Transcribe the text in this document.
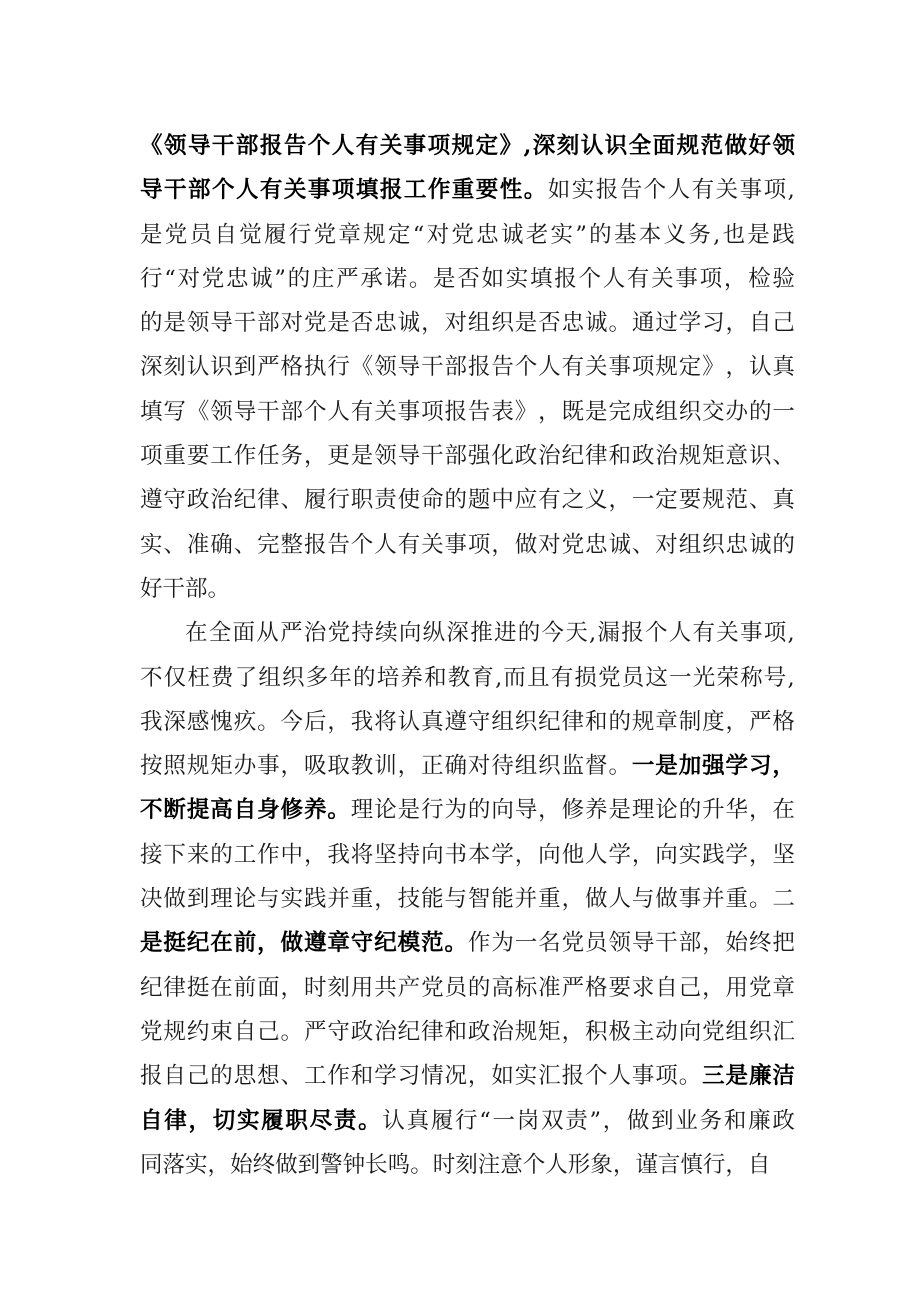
《 领 导 干 部 报 告 个 人 有 关 事 项 规 定 》 , 深 刻 认 识 全 面 规 范 做 好 领
导 干 部 个 人 有 关 事 项 填 报 工 作 重 要 性 。 如 实 报 告 个 人 有 关 事 项 ,
是 党 员 自 觉 履 行 党 章 规 定 “ 对 党 忠 诚 老 实 ” 的 基 本 义 务 , 也 是 践
行 “ 对 党 忠 诚 ” 的 庄 严 承 诺 。 是 否 如 实 填 报 个 人 有 关 事 项 ， 检 验
的 是 领 导 干 部 对 党 是 否 忠 诚 ， 对 组 织 是 否 忠 诚 。 通 过 学 习 ， 自 己
深 刻 认 识 到 严 格 执 行 《 领 导 干 部 报 告 个 人 有 关 事 项 规 定 》 ， 认 真
填 写 《 领 导 干 部 个 人 有 关 事 项 报 告 表 》 ， 既 是 完 成 组 织 交 办 的 一
项 重 要 工 作 任 务 ， 更 是 领 导 干 部 强 化 政 治 纪 律 和 政 治 规 矩 意 识 、
遵 守 政 治 纪 律 、 履 行 职 责 使 命 的 题 中 应 有 之 义 ， 一 定 要 规 范 、 真
实 、 准 确 、 完 整 报 告 个 人 有 关 事 项 ， 做 对 党 忠 诚 、 对 组 织 忠 诚 的
好 干 部 。
在 全 面 从 严 治 党 持 续 向 纵 深 推 进 的 今 天 , 漏 报 个 人 有 关 事 项 ,
不 仅 枉 费 了 组 织 多 年 的 培 养 和 教 育 , 而 且 有 损 党 员 这 一 光 荣 称 号 ,
我 深 感 愧 疚 。 今 后 ， 我 将 认 真 遵 守 组 织 纪 律 和 的 规 章 制 度 ， 严 格
按 照 规 矩 办 事 ， 吸 取 教 训 ， 正 确 对 待 组 织 监 督 。 一 是 加 强 学 习 ，
不 断 提 高 自 身 修 养 。 理 论 是 行 为 的 向 导 ， 修 养 是 理 论 的 升 华 ， 在
接 下 来 的 工 作 中 ， 我 将 坚 持 向 书 本 学 ， 向 他 人 学 ， 向 实 践 学 ， 坚
决 做 到 理 论 与 实 践 并 重 ， 技 能 与 智 能 并 重 ， 做 人 与 做 事 并 重 。 二
是 挺 纪 在 前 ， 做 遵 章 守 纪 模 范 。 作 为 一 名 党 员 领 导 干 部 ， 始 终 把
纪 律 挺 在 前 面 ， 时 刻 用 共 产 党 员 的 高 标 准 严 格 要 求 自 己 ， 用 党 章
党 规 约 束 自 己 。 严 守 政 治 纪 律 和 政 治 规 矩 ， 积 极 主 动 向 党 组 织 汇
报 自 己 的 思 想 、 工 作 和 学 习 情 况 ， 如 实 汇 报 个 人 事 项 。 三 是 廉 洁
自 律 ， 切 实 履 职 尽 责 。 认 真 履 行 “ 一 岗 双 责 ” ， 做 到 业 务 和 廉 政
同 落 实 ， 始 终 做 到 警 钟 长 鸣 。 时 刻 注 意 个 人 形 象 ， 谨 言 慎 行 ， 自
